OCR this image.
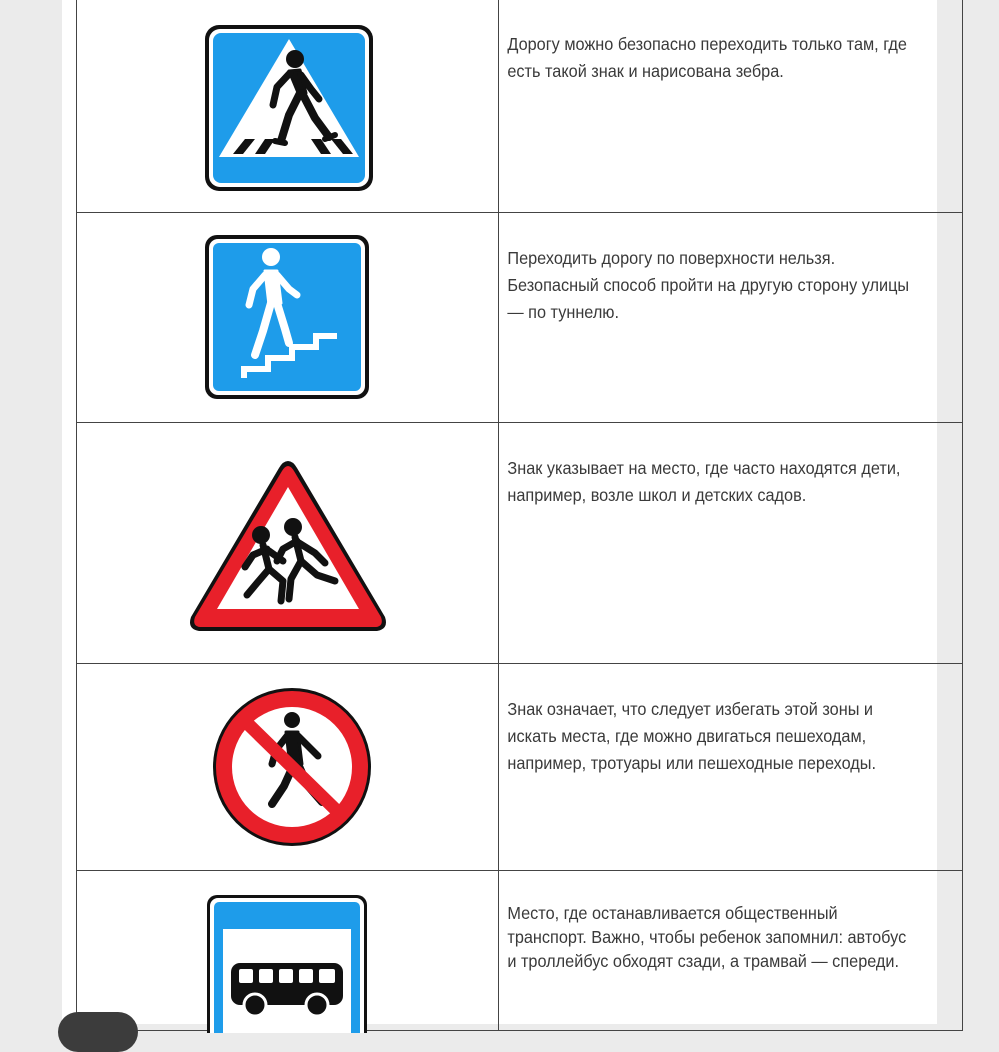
Дорогу можно безопасно переходить только там, где есть такой знак и нарисована зебра.

Переходить дорогу по поверхности нельзя. Безопасный способ пройти на другую сторону улицы — по туннелю.

Знак указывает на место, где часто находятся дети, например, возле школ и детских садов.

Знак означает, что следует избегать этой зоны и искать места, где можно двигаться пешеходам, например, тротуары или пешеходные переходы.

Место, где останавливается общественный транспорт. Важно, чтобы ребенок запомнил: автобус и троллейбус обходят сзади, а трамвай — спереди.
